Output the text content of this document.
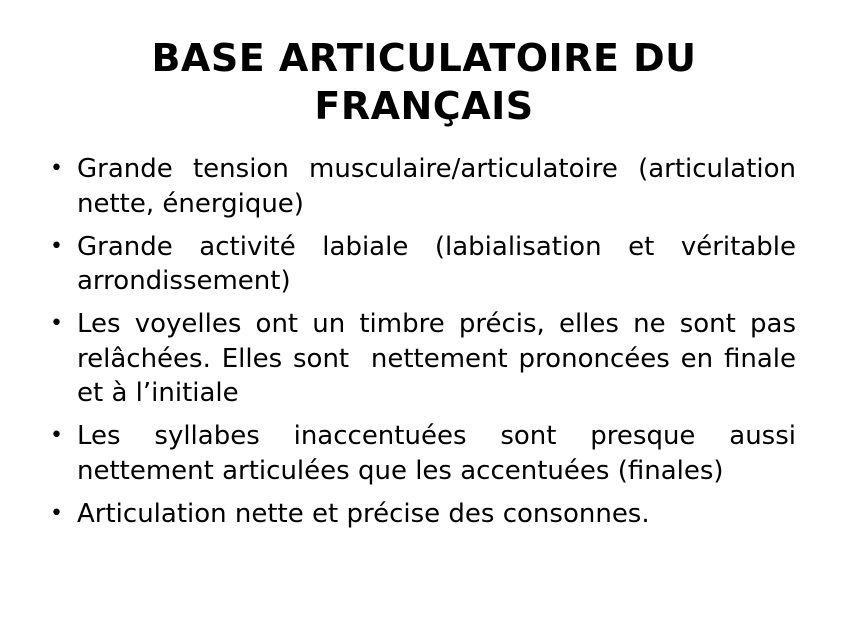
BASE ARTICULATOIRE DU
FRANÇAIS
• Grande tension musculaire/articulatoire (articulation nette, énergique)
• Grande activité labiale (labialisation et véritable arrondissement)
• Les voyelles ont un timbre précis, elles ne sont pas relâchées. Elles sont  nettement prononcées en finale et à l’initiale
• Les syllabes inaccentuées sont presque aussi nettement articulées que les accentuées (finales)
• Articulation nette et précise des consonnes.
